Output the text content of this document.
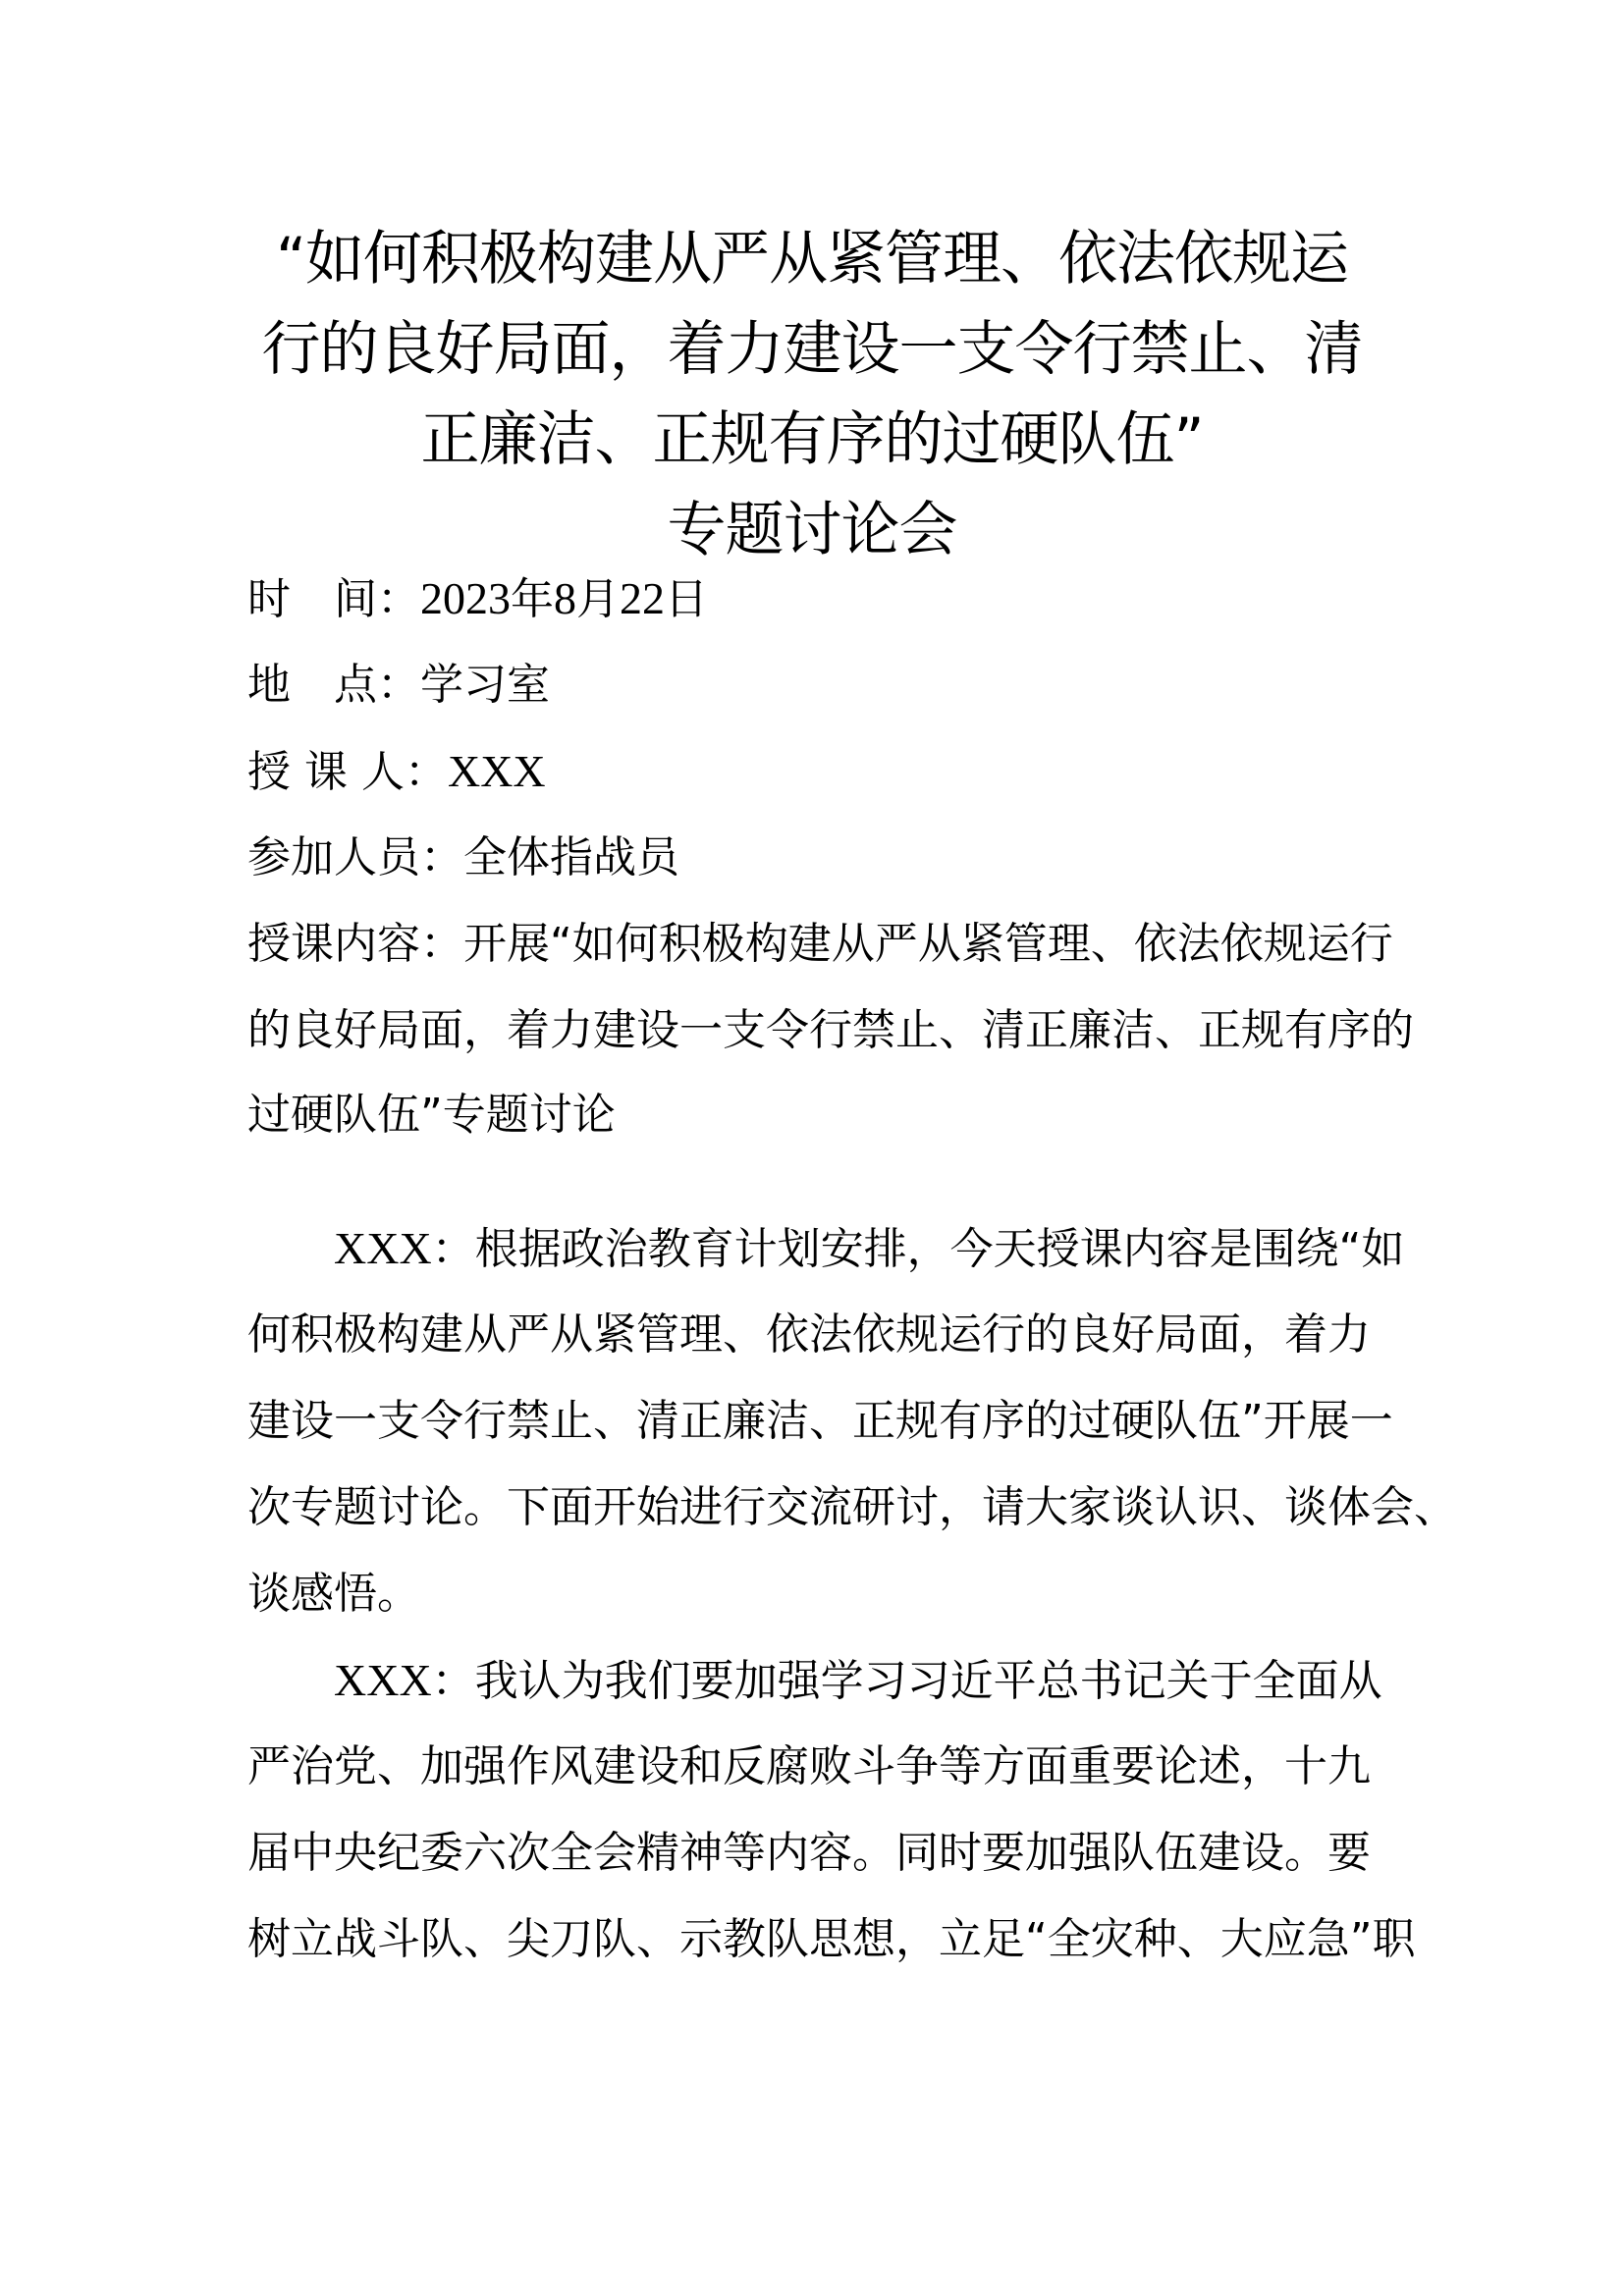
“如何积极构建从严从紧管理、依法依规运
行的良好局面，着力建设一支令行禁止、清
正廉洁、正规有序的过硬队伍”
专题讨论会
时　间：2023年8月22日
地　点：学习室
授 课 人：XXX
参加人员：全体指战员
授课内容：开展“如何积极构建从严从紧管理、依法依规运行
的良好局面，着力建设一支令行禁止、清正廉洁、正规有序的
过硬队伍”专题讨论
XXX：根据政治教育计划安排，今天授课内容是围绕“如
何积极构建从严从紧管理、依法依规运行的良好局面，着力
建设一支令行禁止、清正廉洁、正规有序的过硬队伍”开展一
次专题讨论。下面开始进行交流研讨，请大家谈认识、谈体会、
谈感悟。
XXX：我认为我们要加强学习习近平总书记关于全面从
严治党、加强作风建设和反腐败斗争等方面重要论述，十九
届中央纪委六次全会精神等内容。同时要加强队伍建设。要
树立战斗队、尖刀队、示教队思想，立足“全灾种、大应急”职
